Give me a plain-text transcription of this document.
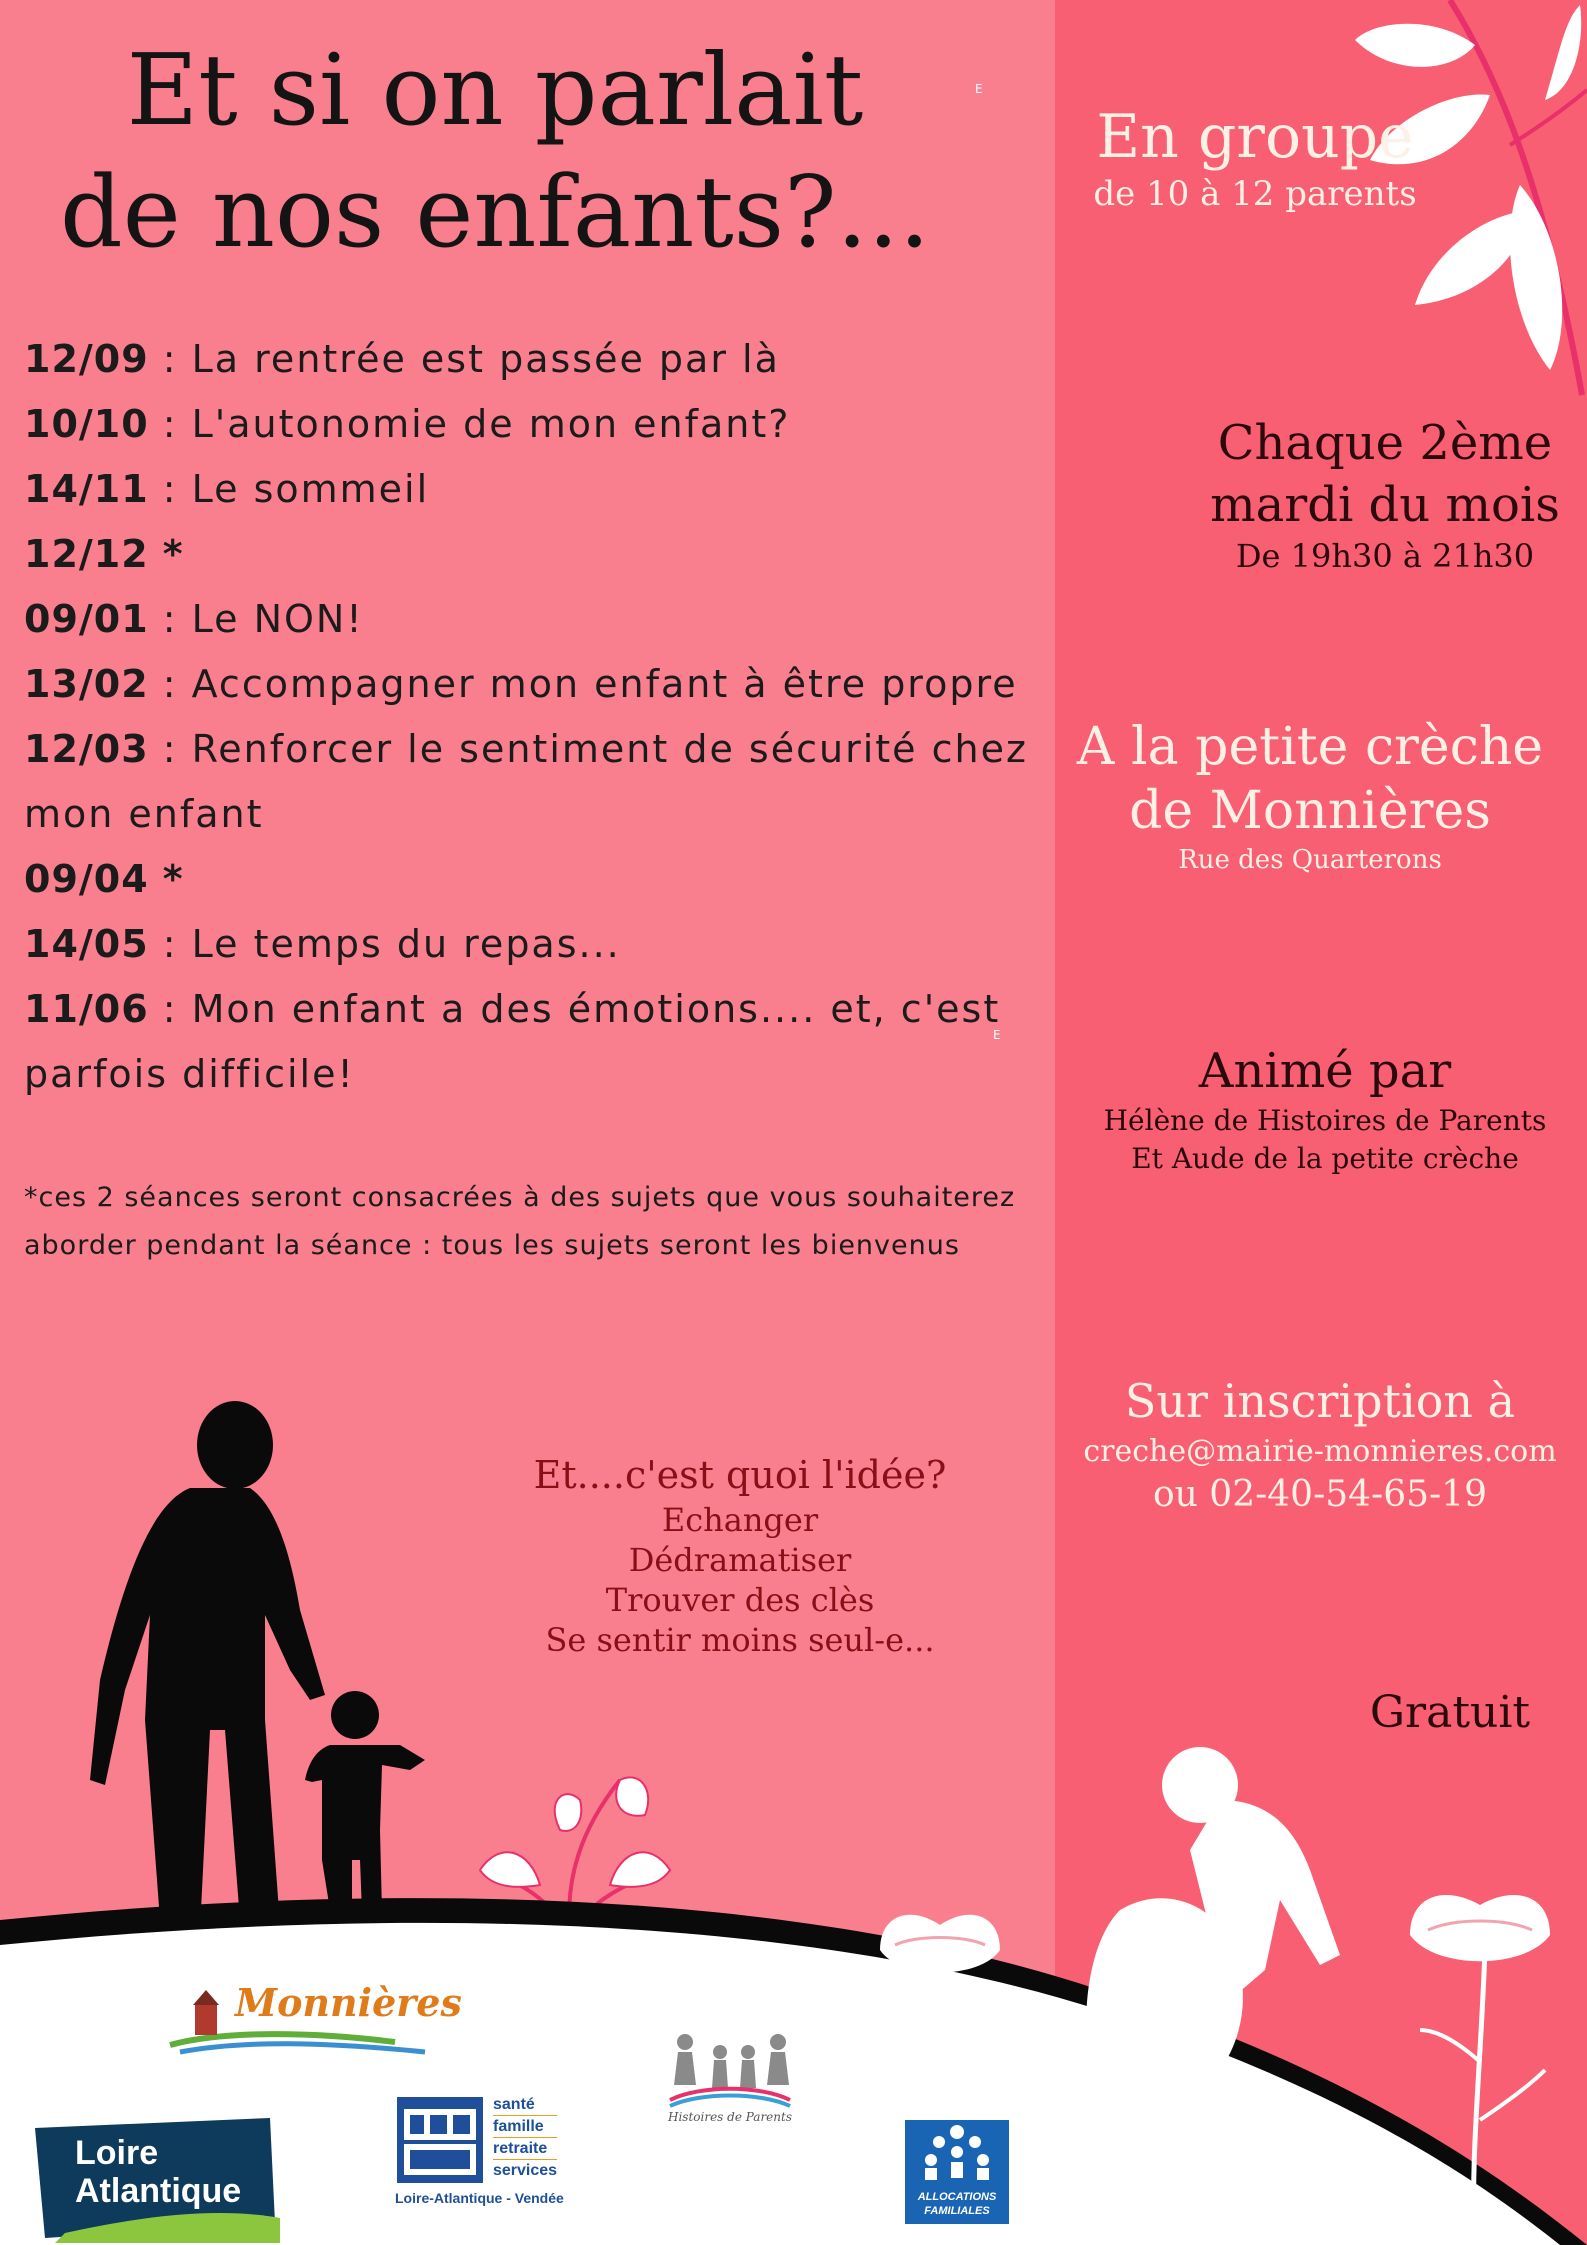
Et si on parlait
de nos enfants?...
E
E
12/09 : La rentrée est passée par là
10/10 : L'autonomie de mon enfant?
14/11 : Le sommeil
12/12 *
09/01 : Le NON!
13/02 : Accompagner mon enfant à être propre
12/03 : Renforcer le sentiment de sécurité chez
mon enfant
09/04 *
14/05 : Le temps du repas...
11/06 : Mon enfant a des émotions.... et, c'est
parfois difficile!
*ces 2 séances seront consacrées à des sujets que vous souhaiterez
aborder pendant la séance : tous les sujets seront les bienvenus
Et....c'est quoi l'idée?
Echanger
Dédramatiser
Trouver des clès
Se sentir moins seul-e...
En groupe
de 10 à 12 parents
Chaque 2ème
mardi du mois
De 19h30 à 21h30
A la petite crèche
de Monnières
Rue des Quarterons
Animé par
Hélène de Histoires de Parents
Et Aude de la petite crèche
Sur inscription à
creche@mairie-monnieres.com
ou 02-40-54-65-19
Gratuit
Monnières
Loire
Atlantique
santé
famille
retraite
services
Loire-Atlantique - Vendée
Histoires de Parents
ALLOCATIONS
FAMILIALES
